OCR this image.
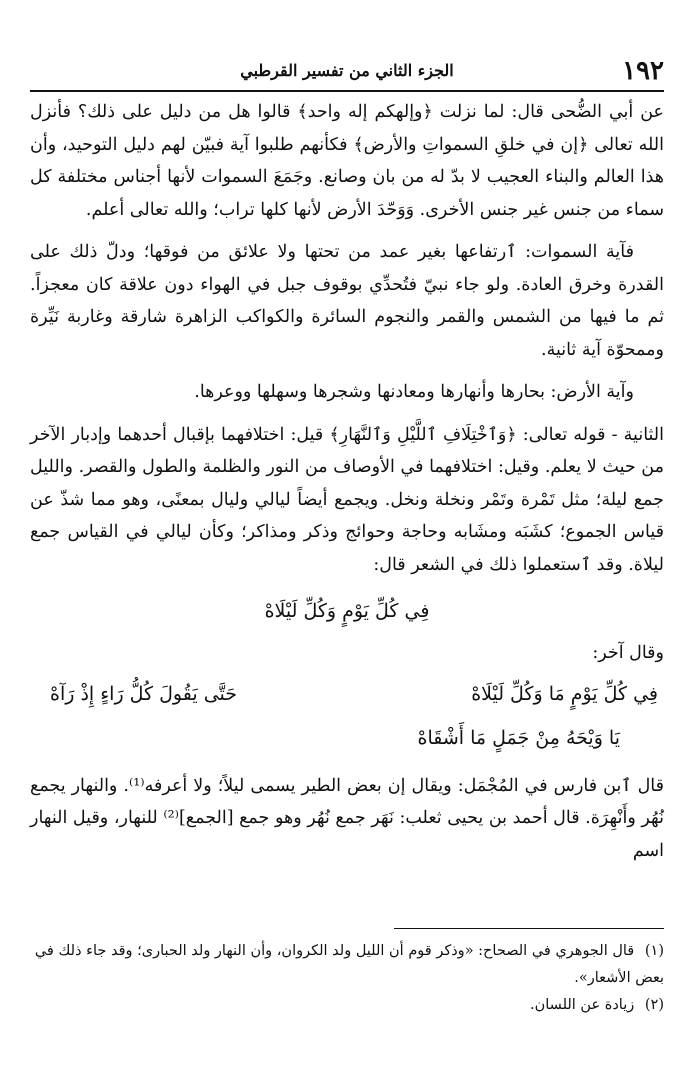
١٩٢
الجزء الثاني من تفسير القرطبي

عن أبي الضُّحى قال: لما نزلت ﴿وإلهكم إله واحد﴾ قالوا هل من دليل على ذلك؟ فأنزل الله تعالى ﴿إن في خلقِ السمواتِ والأرض﴾ فكأنهم طلبوا آية فبيّن لهم دليل التوحيد، وأن هذا العالم والبناء العجيب لا بدّ له من بان وصانع. وجَمَعَ السموات لأنها أجناس مختلفة كل سماء من جنس غير جنس الأخرى. وَوَحّدَ الأرض لأنها كلها تراب؛ والله تعالى أعلم.

فآية السموات: ٱرتفاعها بغير عمد من تحتها ولا علائق من فوقها؛ ودلّ ذلك على القدرة وخرق العادة. ولو جاء نبيّ فتُحدِّي بوقوف جبل في الهواء دون علاقة كان معجزاً. ثم ما فيها من الشمس والقمر والنجوم السائرة والكواكب الزاهرة شارقة وغاربة نَيِّرة وممحوّة آية ثانية.

وآية الأرض: بحارها وأنهارها ومعادنها وشجرها وسهلها ووعرها.

الثانية - قوله تعالى: ﴿وَٱخْتِلَافِ ٱللَّيْلِ وَٱلنَّهَارِ﴾ قيل: اختلافهما بإقبال أحدهما وإدبار الآخر من حيث لا يعلم. وقيل: اختلافهما في الأوصاف من النور والظلمة والطول والقصر. والليل جمع ليلة؛ مثل تَمْرة وتَمْر ونخلة ونخل. ويجمع أيضاً ليالي وليال بمعنًى، وهو مما شذّ عن قياس الجموع؛ كشَبَه ومشَابه وحاجة وحوائج وذكر ومذاكر؛ وكأن ليالي في القياس جمع ليلاة. وقد ٱستعملوا ذلك في الشعر قال:

فِي كُلِّ يَوْمٍ وَكُلِّ لَيْلَاهْ

وقال آخر:

فِي كُلِّ يَوْمٍ مَا وَكُلِّ لَيْلَاهْ
حَتَّى يَقُولَ كُلُّ رَاءٍ إِذْ رَآهْ
يَا وَيْحَهُ مِنْ جَمَلٍ مَا أَشْقَاهْ

قال ٱبن فارس في المُجْمَل: ويقال إن بعض الطير يسمى ليلاً؛ ولا أعرفه⁽¹⁾. والنهار يجمع نُهُر وأَنْهِرَة. قال أحمد بن يحيى ثعلب: نَهَر جمع نُهُر وهو جمع [الجمع]⁽²⁾ للنهار، وقيل النهار اسم

(١) قال الجوهري في الصحاح: «وذكر قوم أن الليل ولد الكروان، وأن النهار ولد الحبارى؛ وقد جاء ذلك في بعض الأشعار».

(٢) زيادة عن اللسان.
